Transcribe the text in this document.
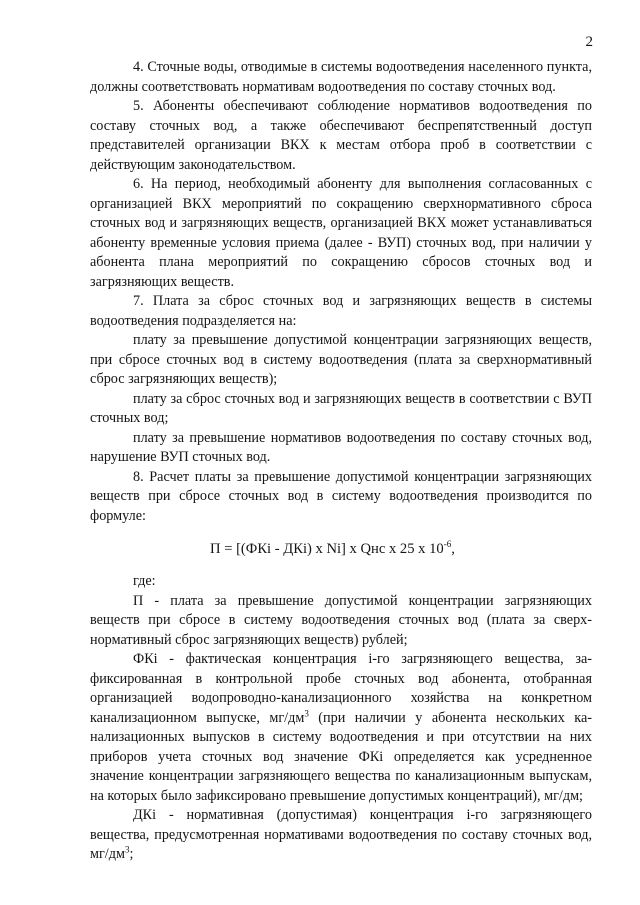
2

4. Сточные воды, отводимые в системы водоотведения населенного пункта, должны соответствовать нормативам водоотведения по составу сточных вод.

5. Абоненты обеспечивают соблюдение нормативов водоотведения по составу сточных вод, а также обеспечивают беспрепятственный доступ представителей организации ВКХ к местам отбора проб в соответствии с действующим законодательством.

6. На период, необходимый абоненту для выполнения согласованных с организацией ВКХ мероприятий по сокращению сверхнормативного сброса сточных вод и загрязняющих веществ, организацией ВКХ может устанавливаться абоненту временные условия приема (далее - ВУП) сточных вод, при наличии у абонента плана мероприятий по сокращению сбросов сточных вод и загрязняющих веществ.

7. Плата за сброс сточных вод и загрязняющих веществ в системы водоотведения подразделяется на:

плату за превышение допустимой концентрации загрязняющих веществ, при сбросе сточных вод в систему водоотведения (плата за сверхнормативный сброс загрязняющих веществ);

плату за сброс сточных вод и загрязняющих веществ в соответствии с ВУП сточных вод;

плату за превышение нормативов водоотведения по составу сточных вод, нарушение ВУП сточных вод.

8. Расчет платы за превышение допустимой концентрации загрязняющих веществ при сбросе сточных вод в систему водоотведения производится по формуле:

П = [(ФКi - ДКi) x Ni] x Qнс x 25 x $10^{-6}$,

где:

П - плата за превышение допустимой концентрации загрязняющих веществ при сбросе в систему водоотведения сточных вод (плата за сверхнормативный сброс загрязняющих веществ) рублей;

ФКi - фактическая концентрация i-го загрязняющего вещества, зафиксированная в контрольной пробе сточных вод абонента, отобранная организацией водопроводно-канализационного хозяйства на конкретном канализационном выпуске, $мг/дм^3$ (при наличии у абонента нескольких канализационных выпусков в систему водоотведения и при отсутствии на них приборов учета сточных вод значение ФКi определяется как усредненное значение концентрации загрязняющего вещества по канализационным выпускам, на которых было зафиксировано превышение допустимых концентраций), мг/дм;

ДКi - нормативная (допустимая) концентрация i-го загрязняющего вещества, предусмотренная нормативами водоотведения по составу сточных вод, $мг/дм^3$;
